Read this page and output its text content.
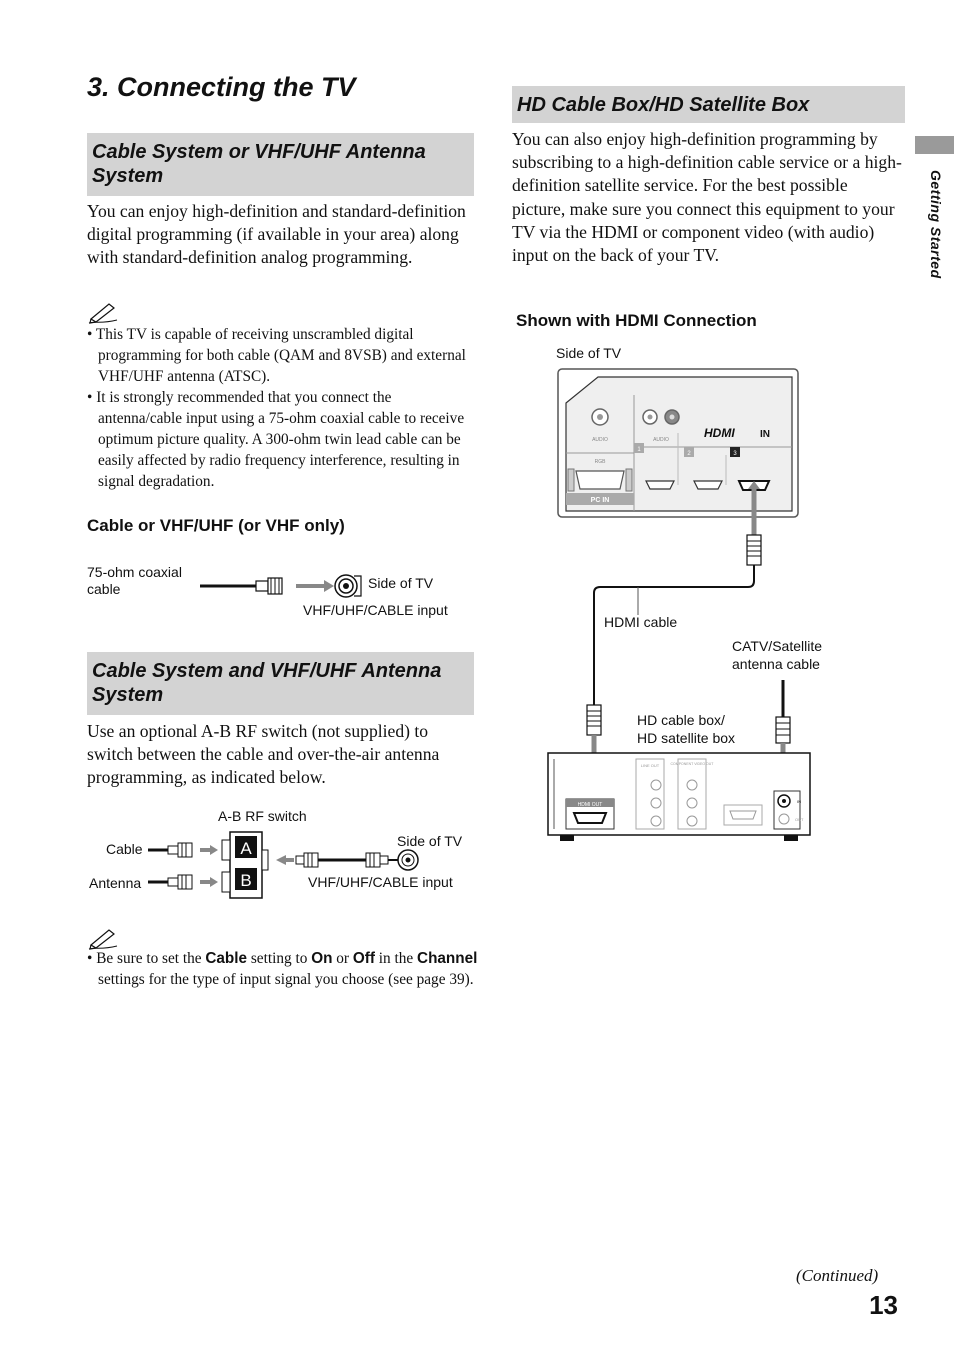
3. Connecting the TV
Getting Started
Cable System or VHF/UHF Antenna System

You can enjoy high-definition and standard-definition digital programming (if available in your area) along with standard-definition analog programming.

• This TV is capable of receiving unscrambled digital programming for both cable (QAM and 8VSB) and external VHF/UHF antenna (ATSC).
• It is strongly recommended that you connect the antenna/cable input using a 75-ohm coaxial cable to receive optimum picture quality. A 300-ohm twin lead cable can be easily affected by radio frequency interference, resulting in signal degradation.
Cable or VHF/UHF (or VHF only)
75-ohm coaxial cable	Side of TV
VHF/UHF/CABLE input
Cable System and VHF/UHF Antenna System

Use an optional A-B RF switch (not supplied) to switch between the cable and over-the-air antenna programming, as indicated below.

A-B RF switch
Cable
Antenna
Side of TV
VHF/UHF/CABLE input
A
B

• Be sure to set the Cable setting to On or Off in the Channel settings for the type of input signal you choose (see page 39).

HD Cable Box/HD Satellite Box

You can also enjoy high-definition programming by subscribing to a high-definition cable service or a high-definition satellite service. For the best possible picture, make sure you connect this equipment to your TV via the HDMI or component video (with audio) input on the back of your TV.

Shown with HDMI Connection
Side of TV
HDMI cable
CATV/Satellite
antenna cable
HD cable box/
HD satellite box
AUDIO	AUDIO
RGB
PC IN
HDMI	IN
1
2	3
HDMI OUT
LINE OUT	COMPONENT VIDEO OUT
IN
OUT
(Continued)
13
